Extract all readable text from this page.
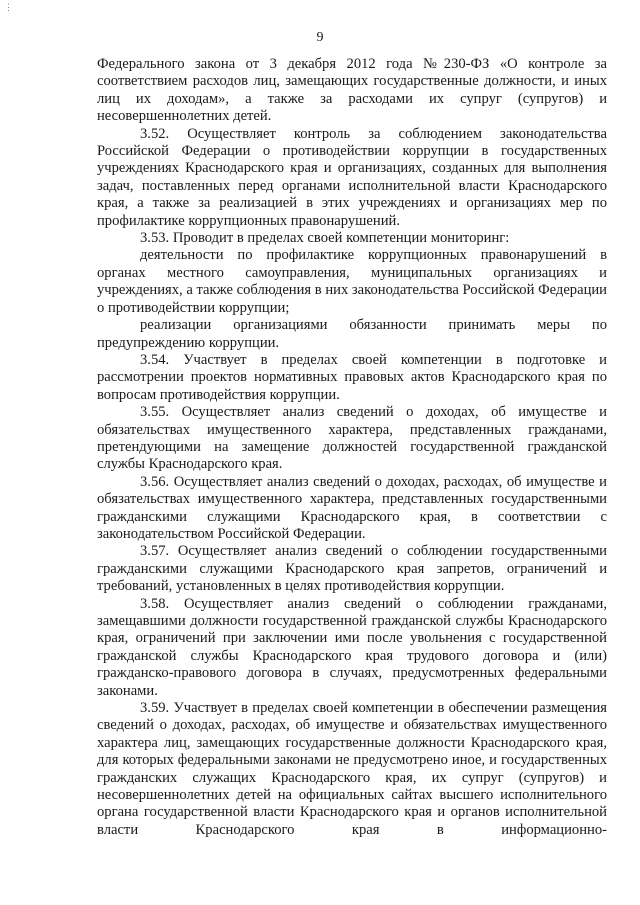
⋮
9

Федерального закона от 3 декабря 2012 года №230-ФЗ «О контроле за соответствием расходов лиц, замещающих государственные должности, и иных лиц их доходам», а также за расходами их супруг (супругов) и несовершеннолетних детей.

3.52. Осуществляет контроль за соблюдением законодательства Российской Федерации о противодействии коррупции в государственных учреждениях Краснодарского края и организациях, созданных для выполнения задач, поставленных перед органами исполнительной власти Краснодарского края, а также за реализацией в этих учреждениях и организациях мер по профилактике коррупционных правонарушений.

3.53. Проводит в пределах своей компетенции мониторинг:

деятельности по профилактике коррупционных правонарушений в органах местного самоуправления, муниципальных организациях и учреждениях, а также соблюдения в них законодательства Российской Федерации о противодействии коррупции;

реализации организациями обязанности принимать меры по предупреждению коррупции.

3.54. Участвует в пределах своей компетенции в подготовке и рассмотрении проектов нормативных правовых актов Краснодарского края по вопросам противодействия коррупции.

3.55. Осуществляет анализ сведений о доходах, об имуществе и обязательствах имущественного характера, представленных гражданами, претендующими на замещение должностей государственной гражданской службы Краснодарского края.

3.56. Осуществляет анализ сведений о доходах, расходах, об имуществе и обязательствах имущественного характера, представленных государственными гражданскими служащими Краснодарского края, в соответствии с законодательством Российской Федерации.

3.57. Осуществляет анализ сведений о соблюдении государственными гражданскими служащими Краснодарского края запретов, ограничений и требований, установленных в целях противодействия коррупции.

3.58. Осуществляет анализ сведений о соблюдении гражданами, замещавшими должности государственной гражданской службы Краснодарского края, ограничений при заключении ими после увольнения с государственной гражданской службы Краснодарского края трудового договора и (или) гражданско-правового договора в случаях, предусмотренных федеральными законами.

3.59. Участвует в пределах своей компетенции в обеспечении размещения сведений о доходах, расходах, об имуществе и обязательствах имущественного характера лиц, замещающих государственные должности Краснодарского края, для которых федеральными законами не предусмотрено иное, и государственных гражданских служащих Краснодарского края, их супруг (супругов) и несовершеннолетних детей на официальных сайтах высшего исполнительного органа государственной власти Краснодарского края и органов исполнительной власти Краснодарского края в информационно-
